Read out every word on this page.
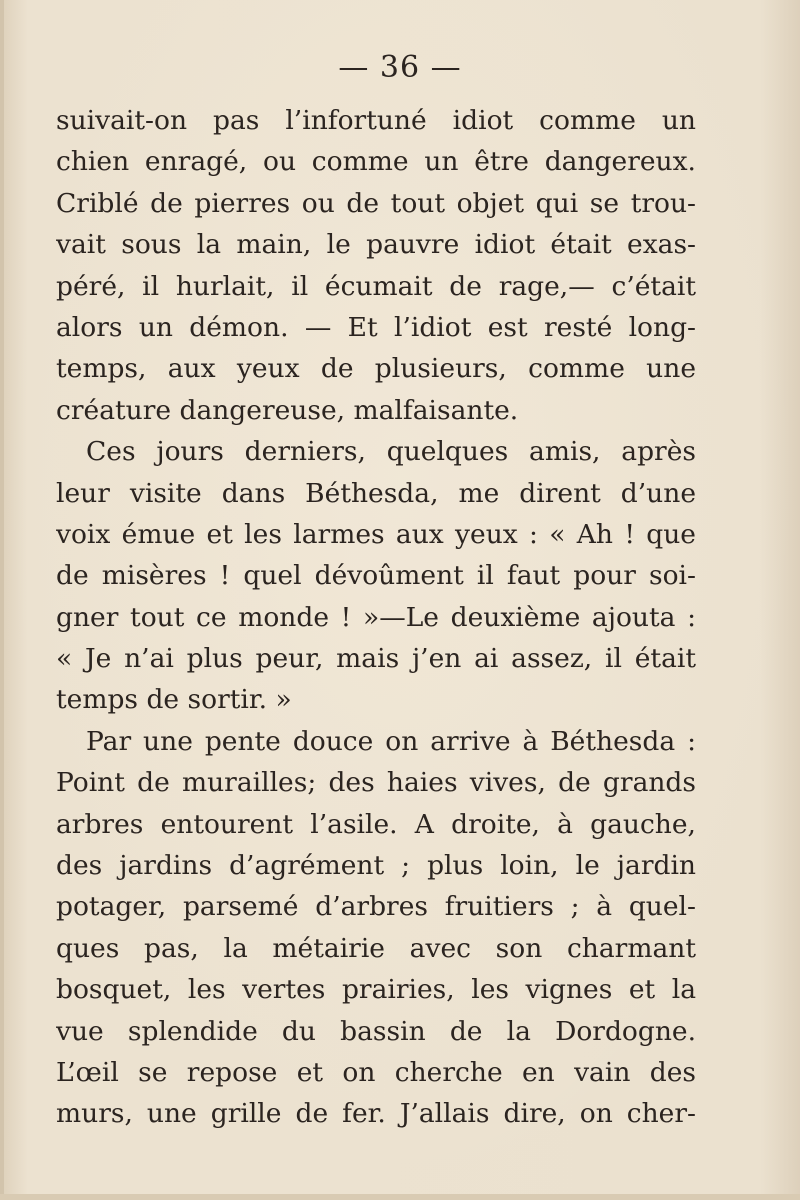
— 36 —
suivait-on pas l’infortuné idiot comme un
chien enragé, ou comme un être dangereux.
Criblé de pierres ou de tout objet qui se trou-
vait sous la main, le pauvre idiot était exas-
péré, il hurlait, il écumait de rage,— c’était
alors un démon. — Et l’idiot est resté long-
temps, aux yeux de plusieurs, comme une
créature dangereuse, malfaisante.
Ces jours derniers, quelques amis, après
leur visite dans Béthesda, me dirent d’une
voix émue et les larmes aux yeux : « Ah ! que
de misères ! quel dévoûment il faut pour soi-
gner tout ce monde ! »—Le deuxième ajouta :
« Je n’ai plus peur, mais j’en ai assez, il était
temps de sortir. »
Par une pente douce on arrive à Béthesda :
Point de murailles; des haies vives, de grands
arbres entourent l’asile. A droite, à gauche,
des jardins d’agrément ; plus loin, le jardin
potager, parsemé d’arbres fruitiers ; à quel-
ques pas, la métairie avec son charmant
bosquet, les vertes prairies, les vignes et la
vue splendide du bassin de la Dordogne.
L’œil se repose et on cherche en vain des
murs, une grille de fer. J’allais dire, on cher-
